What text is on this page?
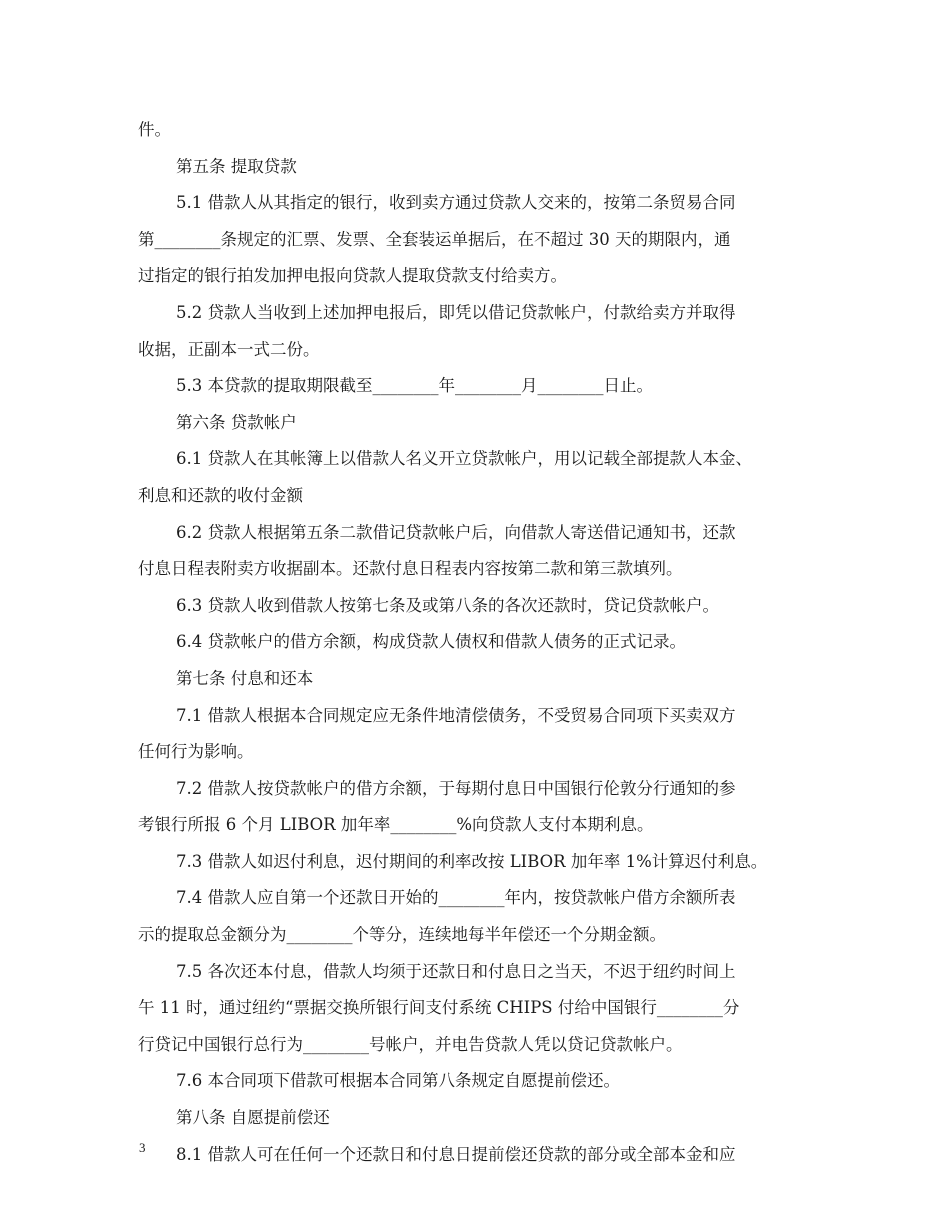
件。
第五条 提取贷款
5.1 借款人从其指定的银行，收到卖方通过贷款人交来的，按第二条贸易合同
第________条规定的汇票、发票、全套装运单据后，在不超过 30 天的期限内，通
过指定的银行拍发加押电报向贷款人提取贷款支付给卖方。
5.2 贷款人当收到上述加押电报后，即凭以借记贷款帐户，付款给卖方并取得
收据，正副本一式二份。
5.3 本贷款的提取期限截至________年________月________日止。
第六条 贷款帐户
6.1 贷款人在其帐簿上以借款人名义开立贷款帐户，用以记载全部提款人本金、
利息和还款的收付金额
6.2 贷款人根据第五条二款借记贷款帐户后，向借款人寄送借记通知书，还款
付息日程表附卖方收据副本。还款付息日程表内容按第二款和第三款填列。
6.3 贷款人收到借款人按第七条及或第八条的各次还款时，贷记贷款帐户。
6.4 贷款帐户的借方余额，构成贷款人债权和借款人债务的正式记录。
第七条 付息和还本
7.1 借款人根据本合同规定应无条件地清偿债务，不受贸易合同项下买卖双方
任何行为影响。
7.2 借款人按贷款帐户的借方余额，于每期付息日中国银行伦敦分行通知的参
考银行所报 6 个月 LIBOR 加年率________%向贷款人支付本期利息。
7.3 借款人如迟付利息，迟付期间的利率改按 LIBOR 加年率 1%计算迟付利息。
7.4 借款人应自第一个还款日开始的________年内，按贷款帐户借方余额所表
示的提取总金额分为________个等分，连续地每半年偿还一个分期金额。
7.5 各次还本付息，借款人均须于还款日和付息日之当天，不迟于纽约时间上
午 11 时，通过纽约“票据交换所银行间支付系统 CHIPS 付给中国银行________分
行贷记中国银行总行为________号帐户，并电告贷款人凭以贷记贷款帐户。
7.6 本合同项下借款可根据本合同第八条规定自愿提前偿还。
第八条 自愿提前偿还
8.1 借款人可在任何一个还款日和付息日提前偿还贷款的部分或全部本金和应
3
